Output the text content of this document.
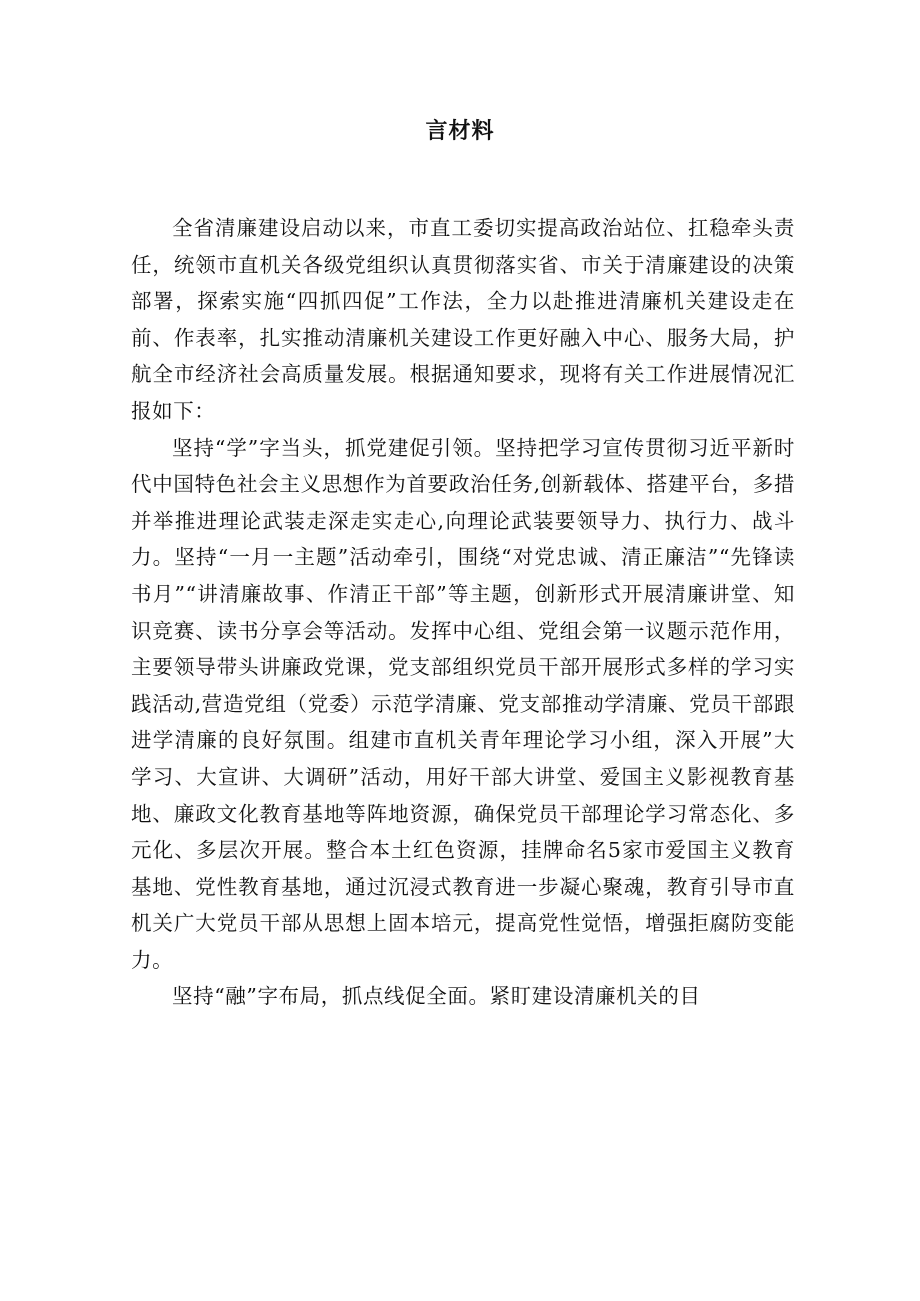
言材料

全省清廉建设启动以来，市直工委切实提高政治站位、扛稳牵头责任，统领市直机关各级党组织认真贯彻落实省、市关于清廉建设的决策部署，探索实施“四抓四促”工作法，全力以赴推进清廉机关建设走在前、作表率，扎实推动清廉机关建设工作更好融入中心、服务大局，护航全市经济社会高质量发展。根据通知要求，现将有关工作进展情况汇报如下：

坚持“学”字当头，抓党建促引领。坚持把学习宣传贯彻习近平新时代中国特色社会主义思想作为首要政治任务,创新载体、搭建平台，多措并举推进理论武装走深走实走心,向理论武装要领导力、执行力、战斗力。坚持“一月一主题”活动牵引，围绕“对党忠诚、清正廉洁”“先锋读书月”“讲清廉故事、作清正干部”等主题，创新形式开展清廉讲堂、知识竞赛、读书分享会等活动。发挥中心组、党组会第一议题示范作用，主要领导带头讲廉政党课，党支部组织党员干部开展形式多样的学习实践活动,营造党组（党委）示范学清廉、党支部推动学清廉、党员干部跟进学清廉的良好氛围。组建市直机关青年理论学习小组，深入开展”大学习、大宣讲、大调研”活动，用好干部大讲堂、爱国主义影视教育基地、廉政文化教育基地等阵地资源，确保党员干部理论学习常态化、多元化、多层次开展。整合本土红色资源，挂牌命名5家市爱国主义教育基地、党性教育基地，通过沉浸式教育进一步凝心聚魂，教育引导市直机关广大党员干部从思想上固本培元，提高党性觉悟，增强拒腐防变能力。

坚持“融”字布局，抓点线促全面。紧盯建设清廉机关的目
